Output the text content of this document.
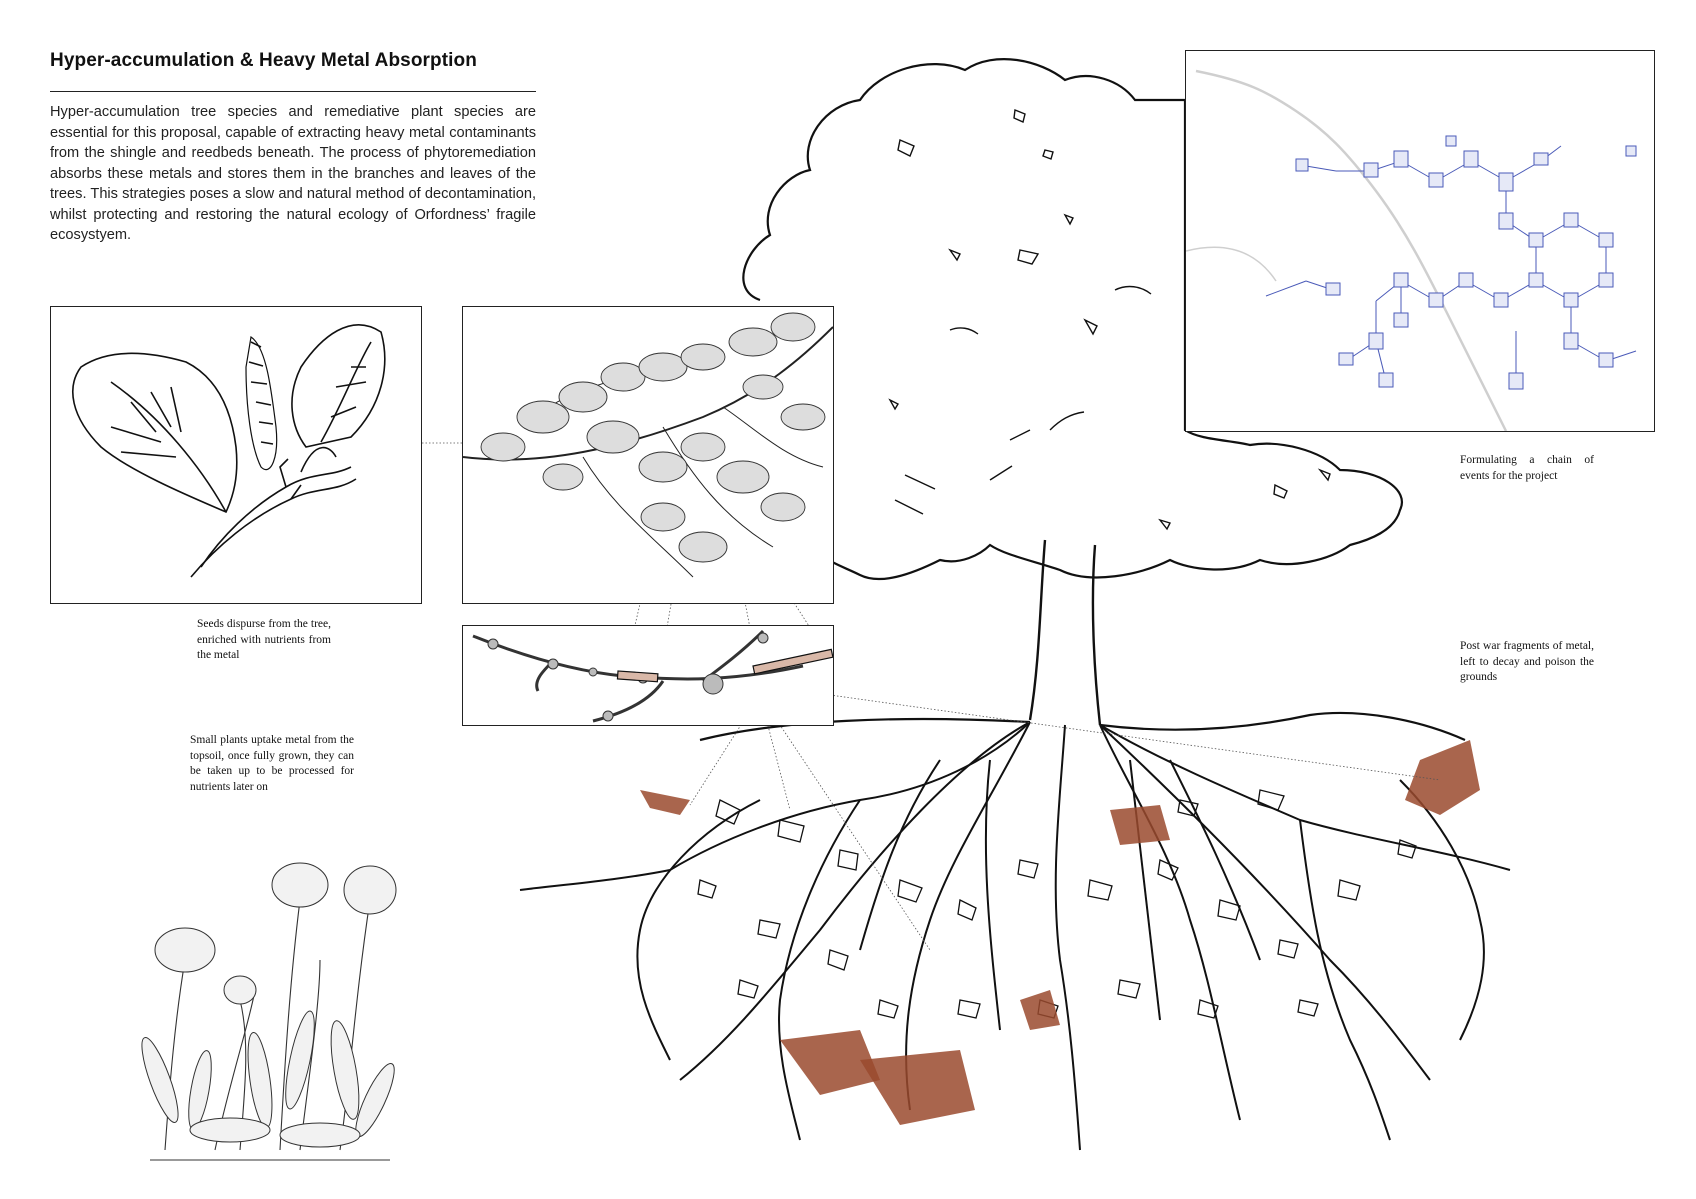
Hyper-accumulation & Heavy Metal Absorption
Hyper-accumulation tree species and remediative plant species are essential for this proposal, capable of extracting heavy metal contaminants from the shingle and reedbeds beneath. The process of phytoremediation absorbs these metals and stores them in the branches and leaves of the trees. This strategies poses a slow and natural method of decontamination, whilst protecting and restoring the natural ecology of Orfordness’ fragile ecosystyem.
Seeds dispurse from the tree, enriched with nutrients from the metal
Small plants uptake metal from the topsoil, once fully grown, they can be taken up to be processed for nutrients later on
Formulating a chain of events for the project
Post war fragments of metal, left to decay and poison the grounds
